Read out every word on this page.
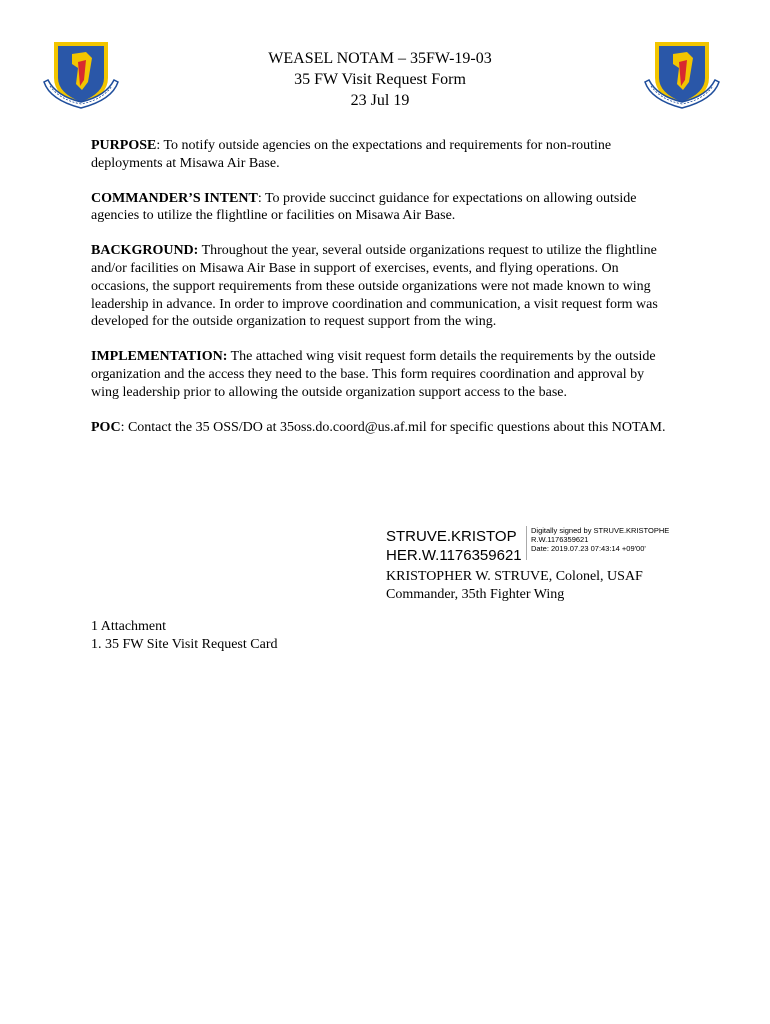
WEASEL NOTAM – 35FW-19-03
35 FW Visit Request Form
23 Jul 19

PURPOSE: To notify outside agencies on the expectations and requirements for non-routine deployments at Misawa Air Base.

COMMANDER’S INTENT: To provide succinct guidance for expectations on allowing outside agencies to utilize the flightline or facilities on Misawa Air Base.

BACKGROUND: Throughout the year, several outside organizations request to utilize the flightline and/or facilities on Misawa Air Base in support of exercises, events, and flying operations. On occasions, the support requirements from these outside organizations were not made known to wing leadership in advance. In order to improve coordination and communication, a visit request form was developed for the outside organization to request support from the wing.

IMPLEMENTATION: The attached wing visit request form details the requirements by the outside organization and the access they need to the base. This form requires coordination and approval by wing leadership prior to allowing the outside organization support access to the base.

POC: Contact the 35 OSS/DO at 35oss.do.coord@us.af.mil for specific questions about this NOTAM.

STRUVE.KRISTOPHER.W.1176359621
Digitally signed by STRUVE.KRISTOPHER.W.1176359621
Date: 2019.07.23 07:43:14 +09'00'
KRISTOPHER W. STRUVE, Colonel, USAF
Commander, 35th Fighter Wing
1 Attachment
1. 35 FW Site Visit Request Card
